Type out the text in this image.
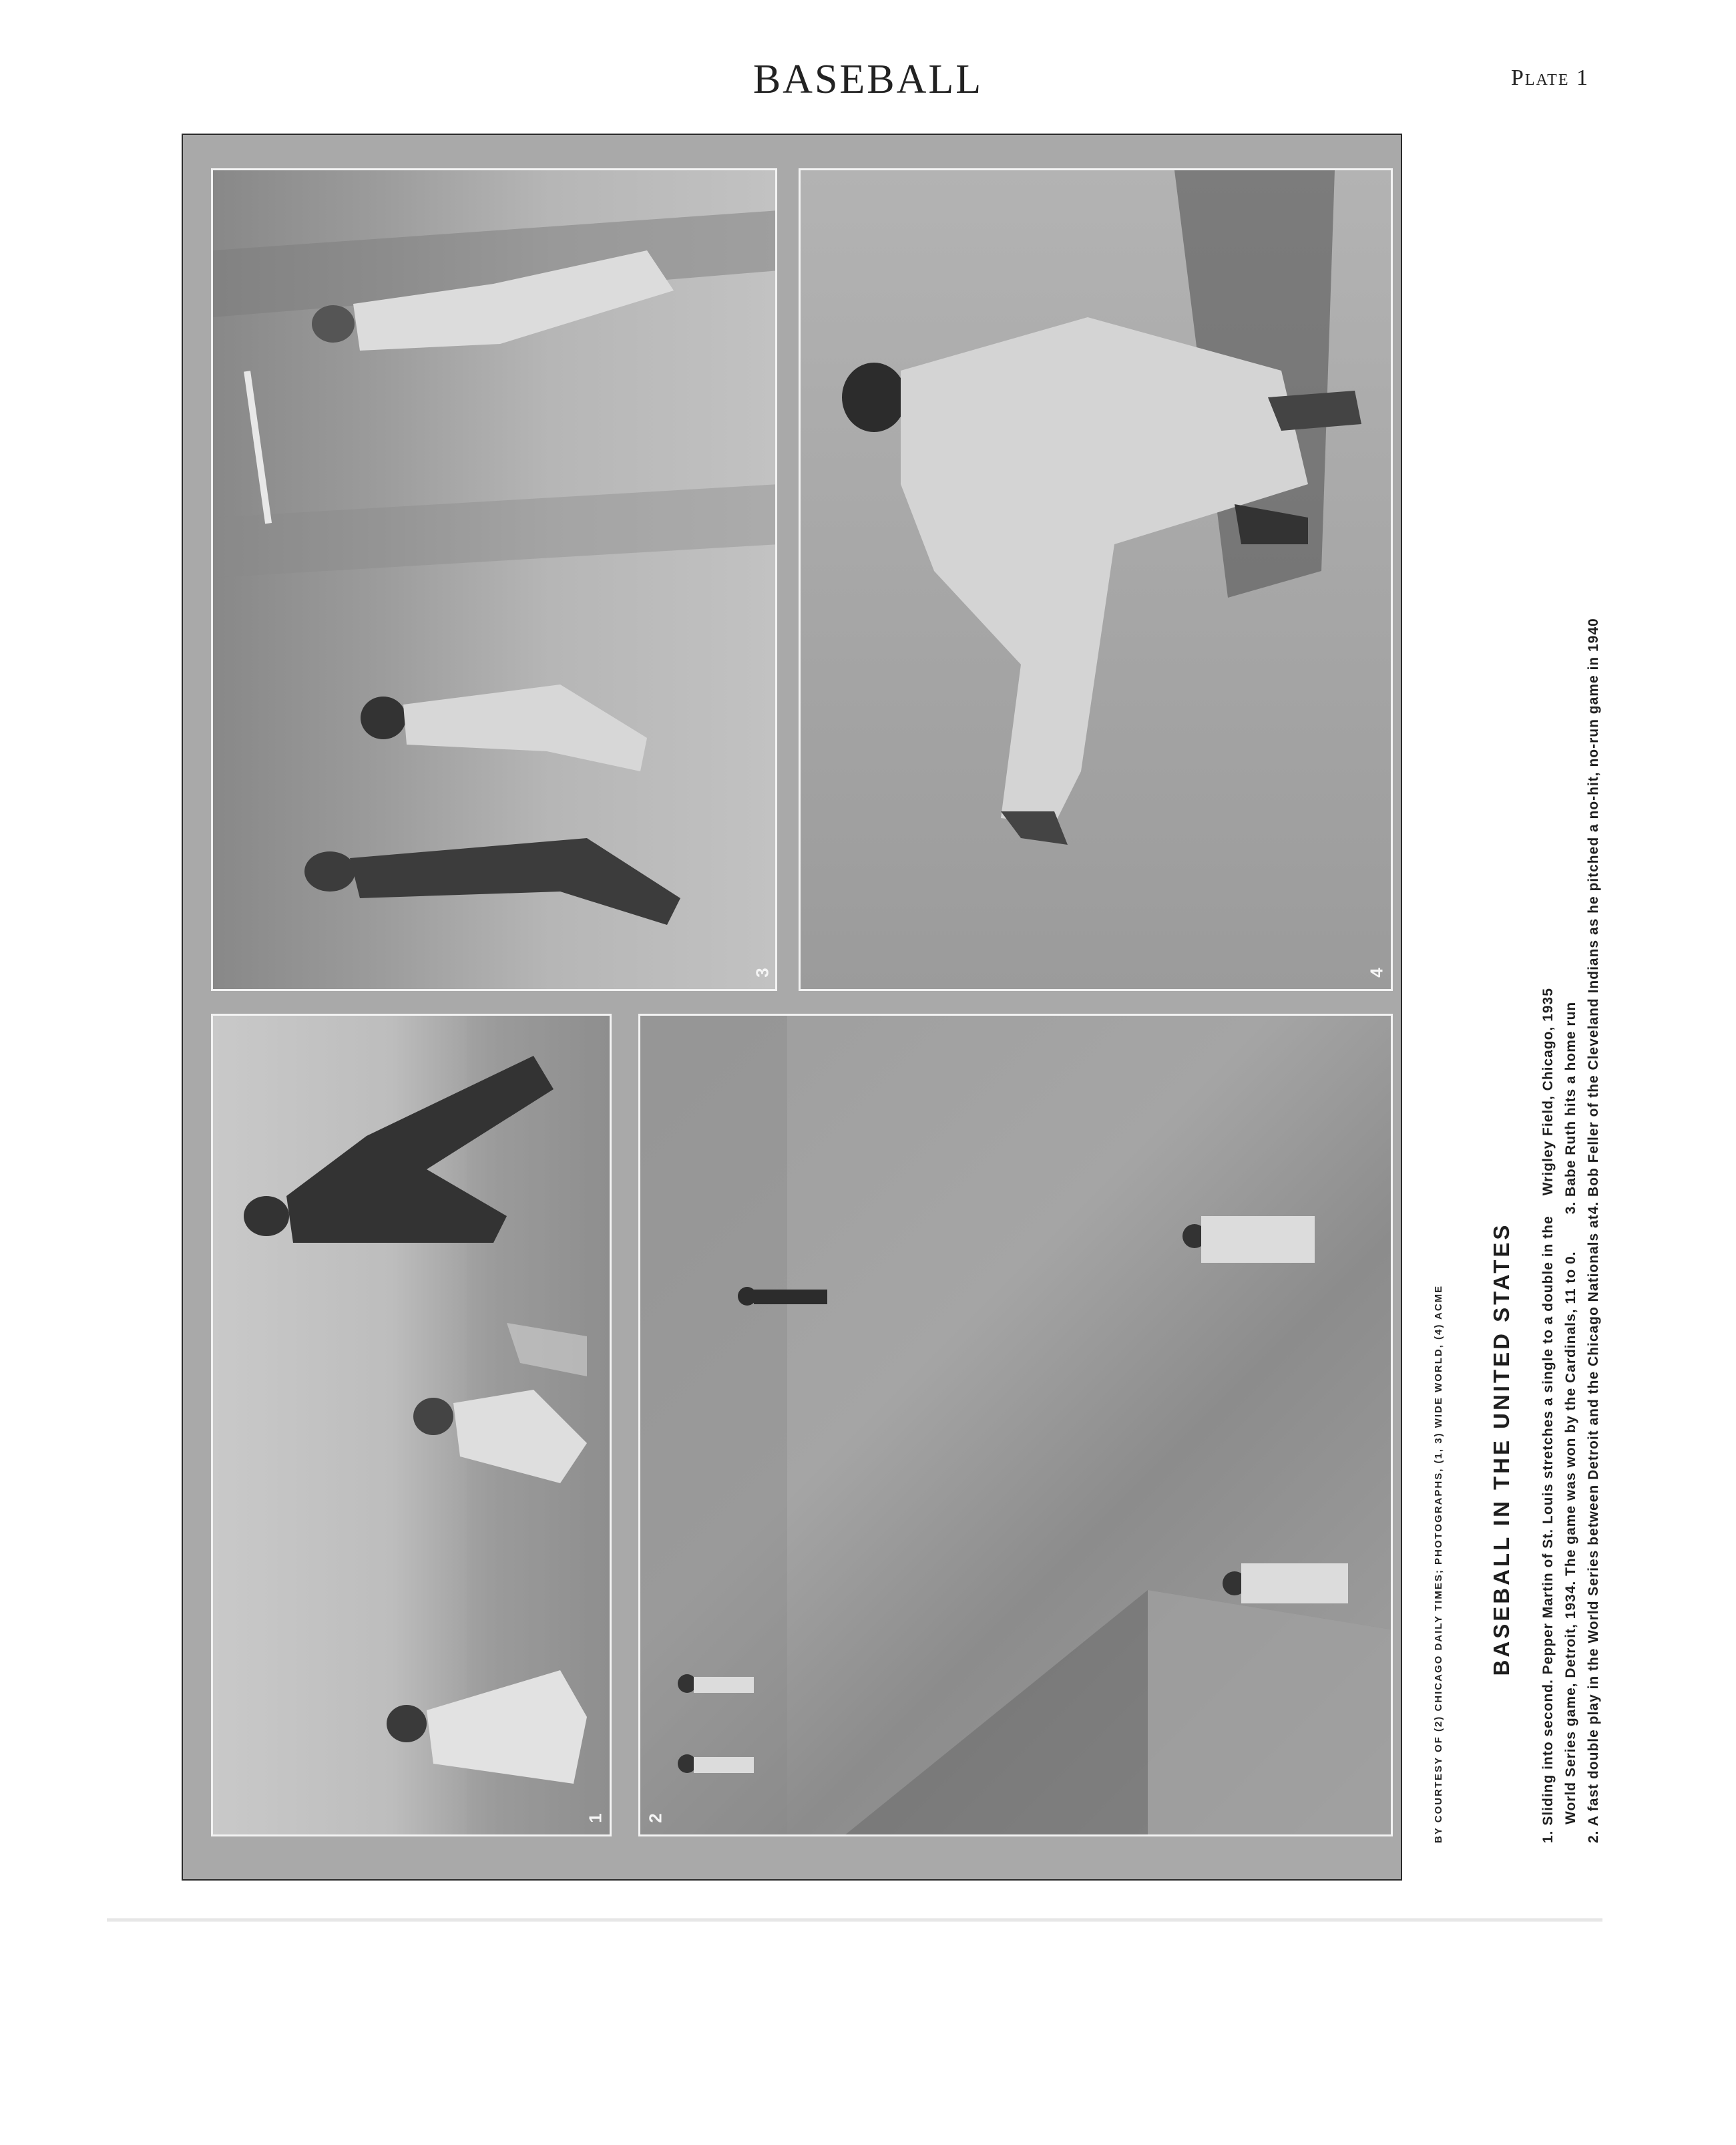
BASEBALL	Plate 1
3	4
1 2	BY COURTESY OF (2) CHICAGO DAILY TIMES; PHOTOGRAPHS, (1, 3) WIDE WORLD, (4) ACME BASEBALL IN THE UNITED STATES 1. Sliding into second. Pepper Martin of St. Louis stretches a single to a double in the World Series game, Detroit, 1934. The game was won by the Cardinals, 11 to 0. 2. A fast double play in the World Series between Detroit and the Chicago Nationals at
Wrigley Field, Chicago, 1935 3. Babe Ruth hits a home run 4. Bob Feller of the Cleveland Indians as he pitched a no-hit, no-run game in 1940
